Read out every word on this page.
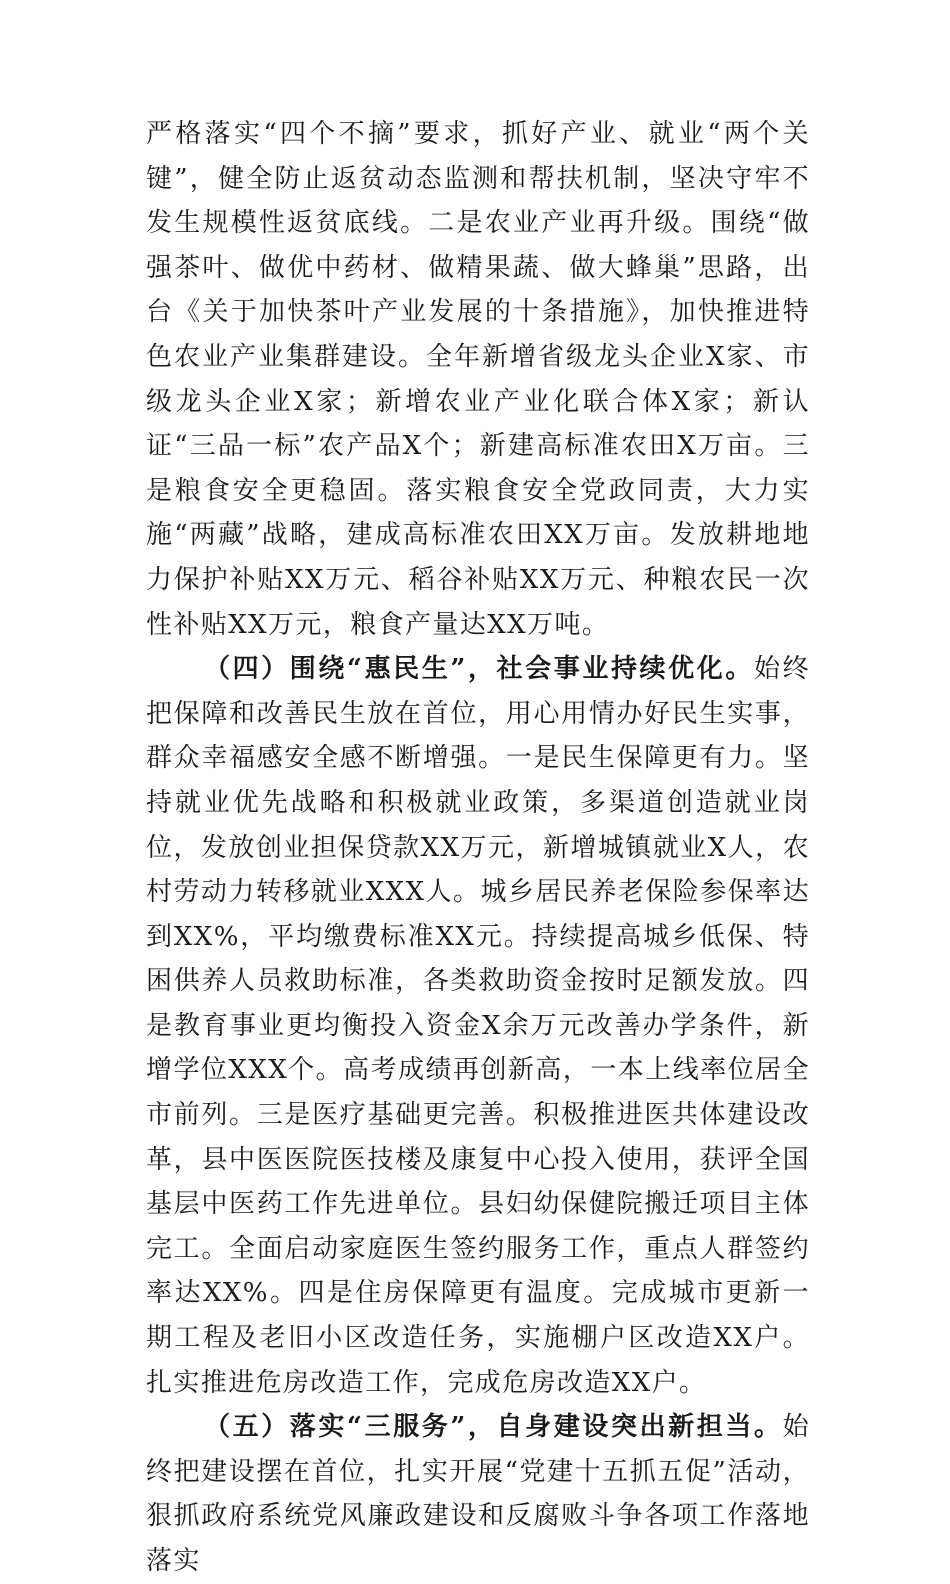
严格落实“四个不摘”要求，抓好产业、就业“两个关键”，健全防止返贫动态监测和帮扶机制，坚决守牢不发生规模性返贫底线。二是农业产业再升级。围绕“做强茶叶、做优中药材、做精果蔬、做大蜂巢”思路，出台《关于加快茶叶产业发展的十条措施》，加快推进特色农业产业集群建设。全年新增省级龙头企业X家、市级龙头企业X家；新增农业产业化联合体X家；新认证“三品一标”农产品X个；新建高标准农田X万亩。三是粮食安全更稳固。落实粮食安全党政同责，大力实施“两藏”战略，建成高标准农田XX万亩。发放耕地地力保护补贴XX万元、稻谷补贴XX万元、种粮农民一次性补贴XX万元，粮食产量达XX万吨。

（四）围绕“惠民生”，社会事业持续优化。始终把保障和改善民生放在首位，用心用情办好民生实事，群众幸福感安全感不断增强。一是民生保障更有力。坚持就业优先战略和积极就业政策，多渠道创造就业岗位，发放创业担保贷款XX万元，新增城镇就业X人，农村劳动力转移就业XXX人。城乡居民养老保险参保率达到XX%，平均缴费标准XX元。持续提高城乡低保、特困供养人员救助标准，各类救助资金按时足额发放。四是教育事业更均衡投入资金X余万元改善办学条件，新增学位XXX个。高考成绩再创新高，一本上线率位居全市前列。三是医疗基础更完善。积极推进医共体建设改革，县中医医院医技楼及康复中心投入使用，获评全国基层中医药工作先进单位。县妇幼保健院搬迁项目主体完工。全面启动家庭医生签约服务工作，重点人群签约率达XX%。四是住房保障更有温度。完成城市更新一期工程及老旧小区改造任务，实施棚户区改造XX户。扎实推进危房改造工作，完成危房改造XX户。

（五）落实“三服务”，自身建设突出新担当。始终把建设摆在首位，扎实开展“党建十五抓五促”活动，狠抓政府系统党风廉政建设和反腐败斗争各项工作落地落实
